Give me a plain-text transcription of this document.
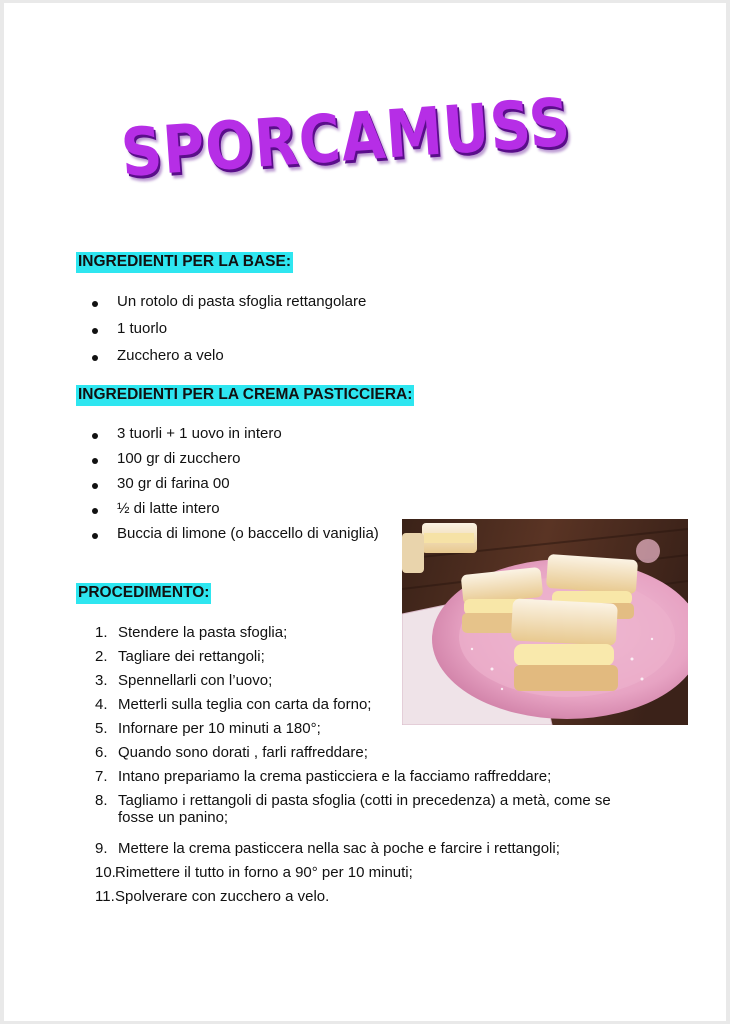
SPORCAMUSS
INGREDIENTI PER LA BASE:
Un rotolo di pasta sfoglia rettangolare
1 tuorlo
Zucchero a velo
INGREDIENTI PER LA CREMA PASTICCIERA:
3 tuorli + 1 uovo in intero
100 gr di zucchero
30 gr di farina 00
½ di latte intero
Buccia di limone (o baccello di vaniglia)
PROCEDIMENTO:
1. Stendere la pasta sfoglia;
2. Tagliare dei rettangoli;
3. Spennellarli con l’uovo;
4. Metterli sulla teglia con carta da forno;
5. Infornare per 10 minuti a 180°;
6. Quando sono dorati , farli raffreddare;
7. Intano prepariamo la crema pasticciera e la facciamo raffreddare;
8. Tagliamo i rettangoli di pasta sfoglia (cotti in precedenza) a metà, come se
fosse un panino;
9. Mettere la crema pasticcera nella sac à poche e farcire i rettangoli;
10.Rimettere il tutto in forno a 90° per 10 minuti;
11.Spolverare con zucchero a velo.
